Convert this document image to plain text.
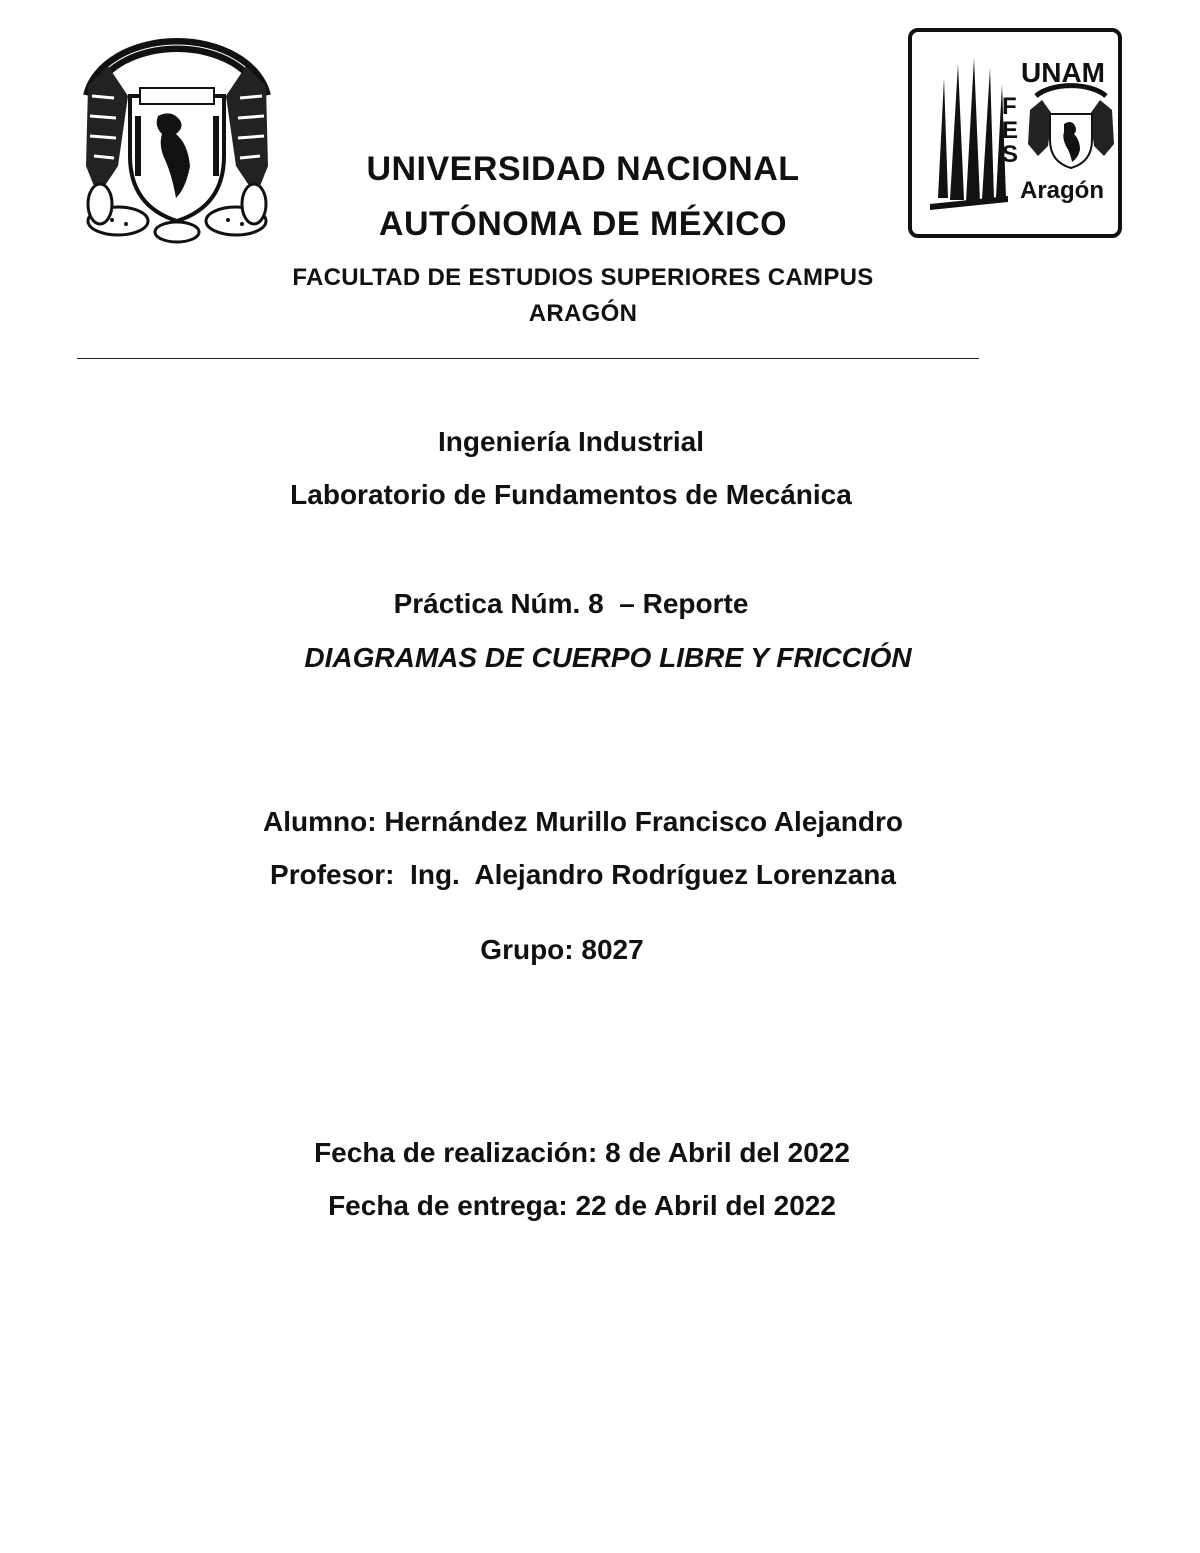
UNAM
F
E
S
Aragón
UNIVERSIDAD NACIONAL
AUTÓNOMA DE MÉXICO
FACULTAD DE ESTUDIOS SUPERIORES CAMPUS
ARAGÓN
Ingeniería Industrial
Laboratorio de Fundamentos de Mecánica
Práctica Núm. 8  – Reporte
DIAGRAMAS DE CUERPO LIBRE Y FRICCIÓN
Alumno: Hernández Murillo Francisco Alejandro
Profesor:  Ing.  Alejandro Rodríguez Lorenzana
Grupo: 8027
Fecha de realización: 8 de Abril del 2022
Fecha de entrega: 22 de Abril del 2022
